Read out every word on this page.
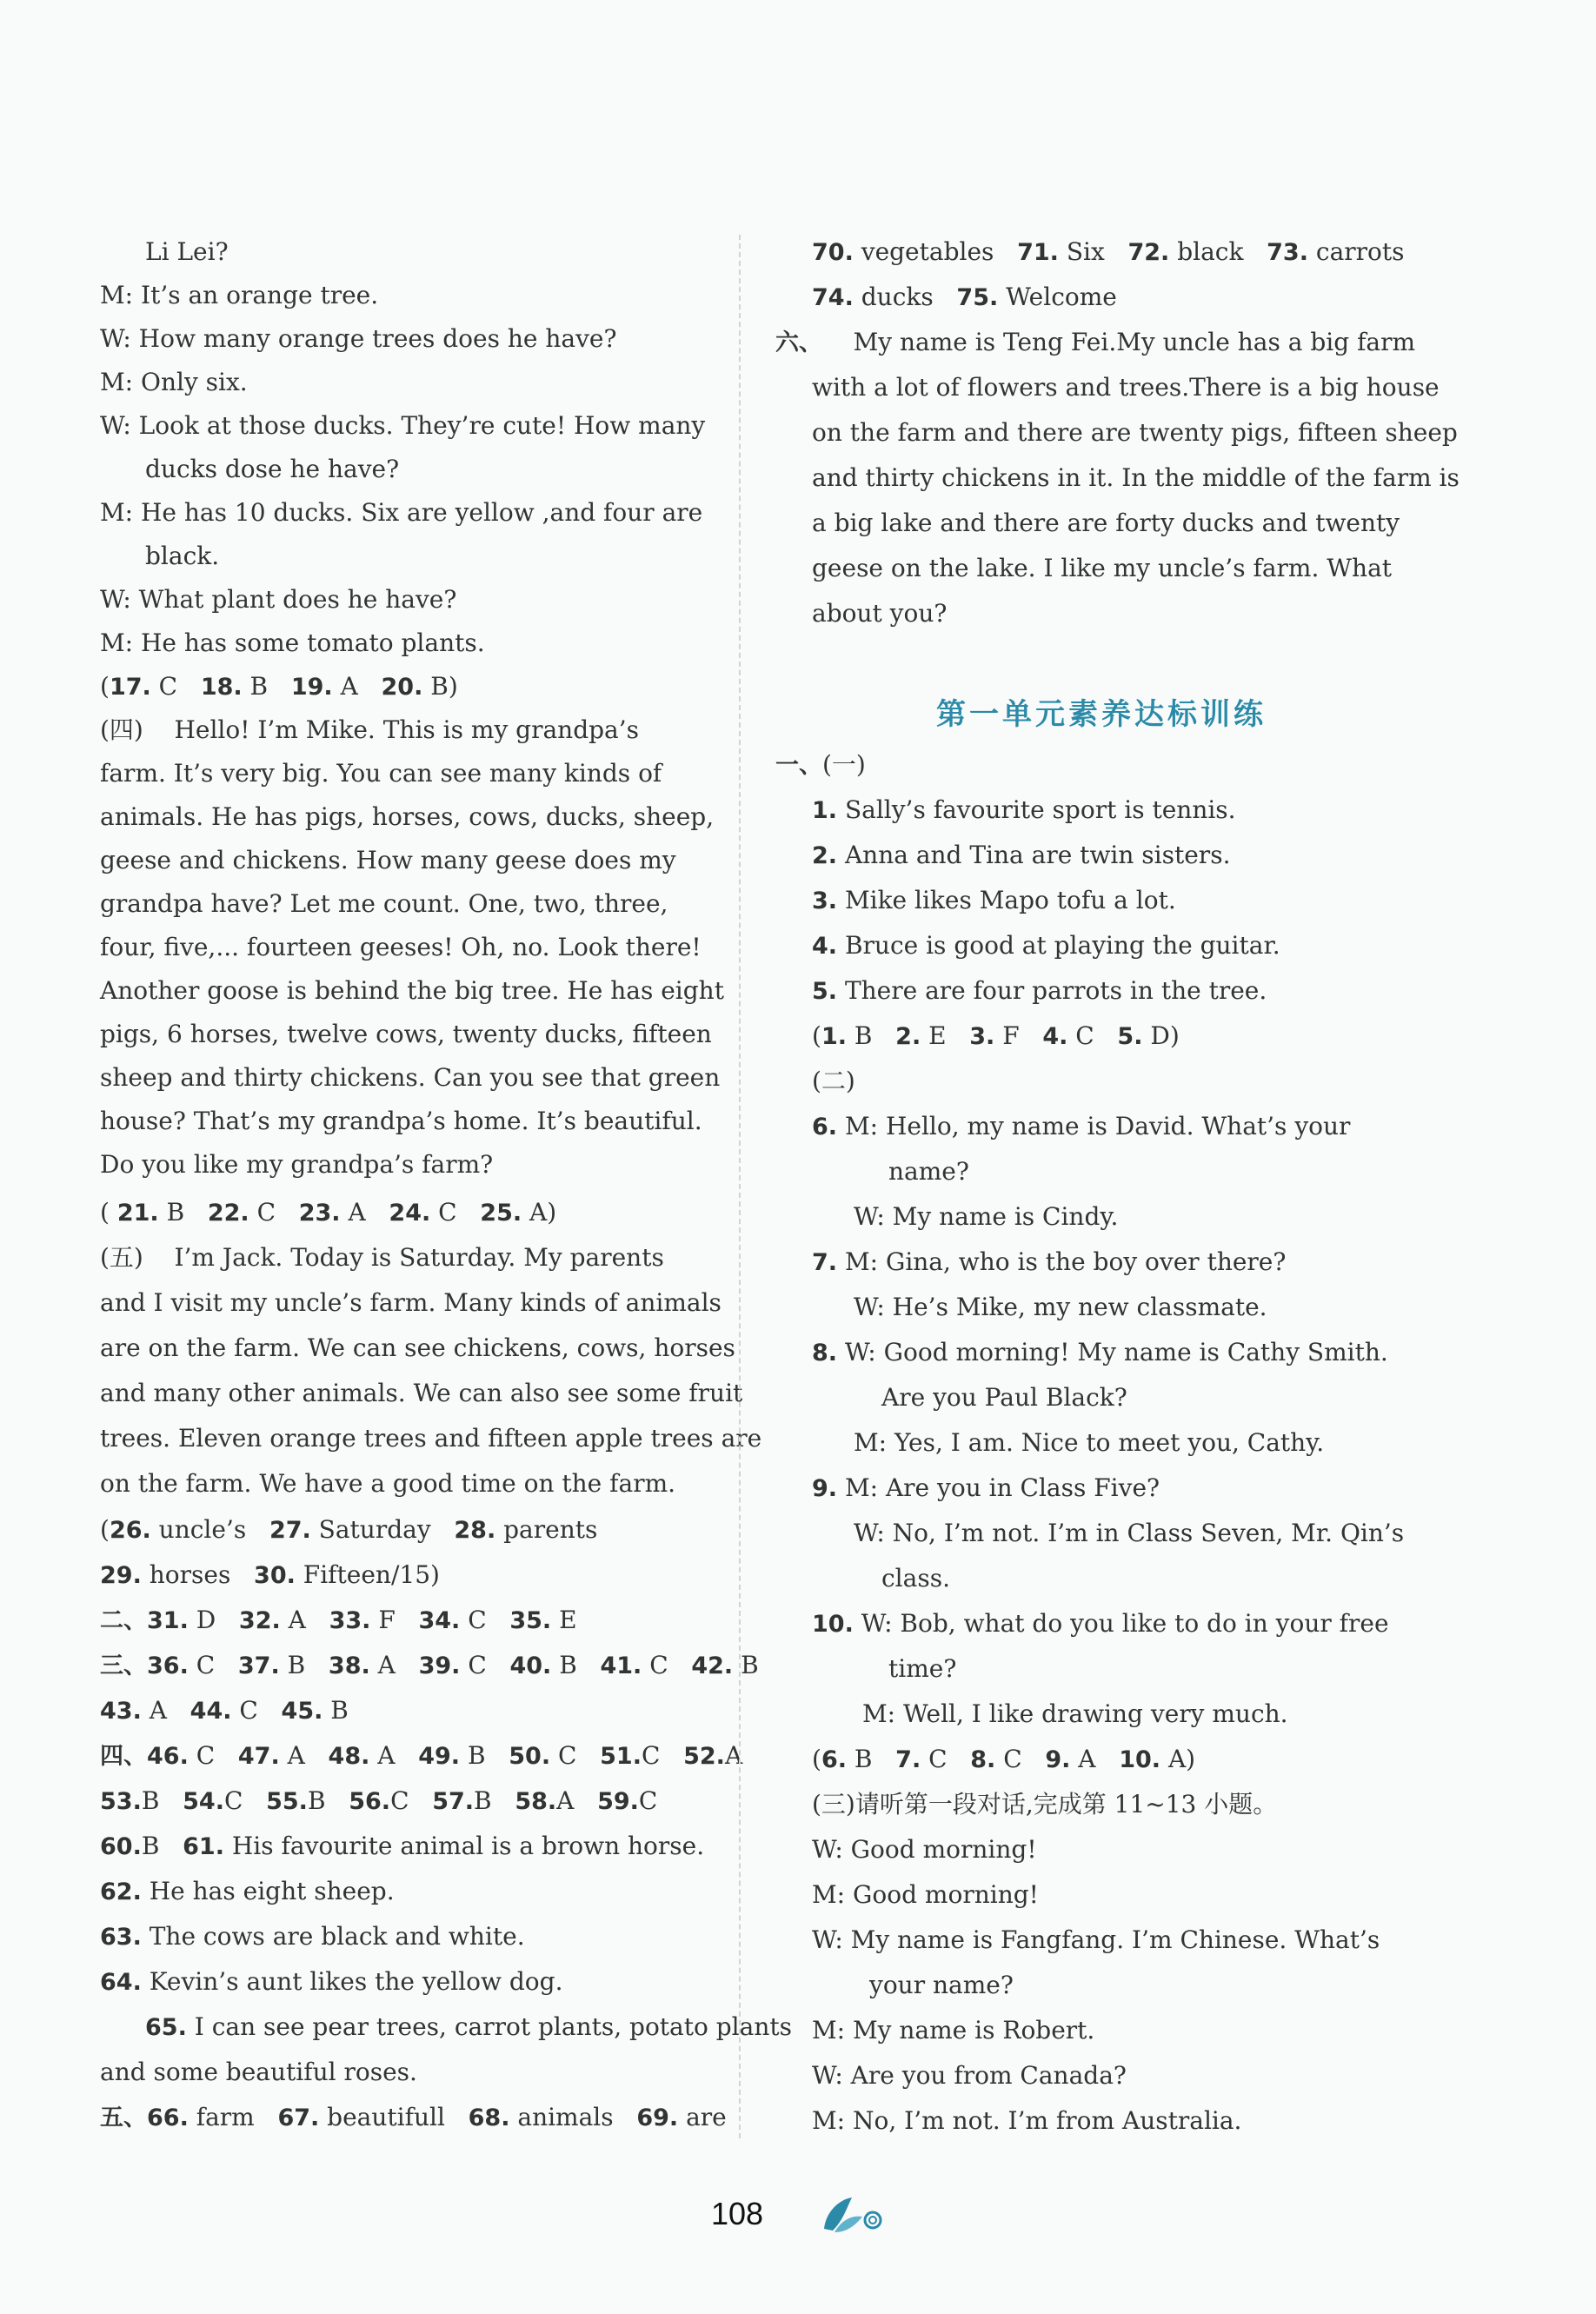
Li Lei?
M: It’s an orange tree.
W: How many orange trees does he have?
M: Only six.
W: Look at those ducks. They’re cute! How many
ducks dose he have?
M: He has 10 ducks. Six are yellow ,and four are
black.
W: What plant does he have?
M: He has some tomato plants.
(17. C   18. B   19. A   20. B)
(四)    Hello! I’m Mike. This is my grandpa’s
farm. It’s very big. You can see many kinds of
animals. He has pigs, horses, cows, ducks, sheep,
geese and chickens. How many geese does my
grandpa have? Let me count. One, two, three,
four, five,... fourteen geeses! Oh, no. Look there!
Another goose is behind the big tree. He has eight
pigs, 6 horses, twelve cows, twenty ducks, fifteen
sheep and thirty chickens. Can you see that green
house? That’s my grandpa’s home. It’s beautiful.
Do you like my grandpa’s farm?
( 21. B   22. C   23. A   24. C   25. A)
(五)    I’m Jack. Today is Saturday. My parents
and I visit my uncle’s farm. Many kinds of animals
are on the farm. We can see chickens, cows, horses
and many other animals. We can also see some fruit
trees. Eleven orange trees and fifteen apple trees are
on the farm. We have a good time on the farm.
(26. uncle’s   27. Saturday   28. parents
29. horses   30. Fifteen/15)
二、31. D   32. A   33. F   34. C   35. E
三、36. C   37. B   38. A   39. C   40. B   41. C   42. B
43. A   44. C   45. B
四、46. C   47. A   48. A   49. B   50. C   51.C   52.A
53.B   54.C   55.B   56.C   57.B   58.A   59.C
60.B   61. His favourite animal is a brown horse.
62. He has eight sheep.
63. The cows are black and white.
64. Kevin’s aunt likes the yellow dog.
65. I can see pear trees, carrot plants, potato plants
and some beautiful roses.
五、66. farm   67. beautifull   68. animals   69. are
第一单元素养达标训练
70. vegetables   71. Six   72. black   73. carrots
74. ducks   75. Welcome
六、    My name is Teng Fei.My uncle has a big farm
with a lot of flowers and trees.There is a big house
on the farm and there are twenty pigs, fifteen sheep
and thirty chickens in it. In the middle of the farm is
a big lake and there are forty ducks and twenty
geese on the lake. I like my uncle’s farm. What
about you?
一、(一)
1. Sally’s favourite sport is tennis.
2. Anna and Tina are twin sisters.
3. Mike likes Mapo tofu a lot.
4. Bruce is good at playing the guitar.
5. There are four parrots in the tree.
(1. B   2. E   3. F   4. C   5. D)
(二)
6. M: Hello, my name is David. What’s your
name?
W: My name is Cindy.
7. M: Gina, who is the boy over there?
W: He’s Mike, my new classmate.
8. W: Good morning! My name is Cathy Smith.
Are you Paul Black?
M: Yes, I am. Nice to meet you, Cathy.
9. M: Are you in Class Five?
W: No, I’m not. I’m in Class Seven, Mr. Qin’s
class.
10. W: Bob, what do you like to do in your free
time?
M: Well, I like drawing very much.
(6. B   7. C   8. C   9. A   10. A)
(三)请听第一段对话,完成第 11~13 小题。
W: Good morning!
M: Good morning!
W: My name is Fangfang. I’m Chinese. What’s
your name?
M: My name is Robert.
W: Are you from Canada?
M: No, I’m not. I’m from Australia.
108
